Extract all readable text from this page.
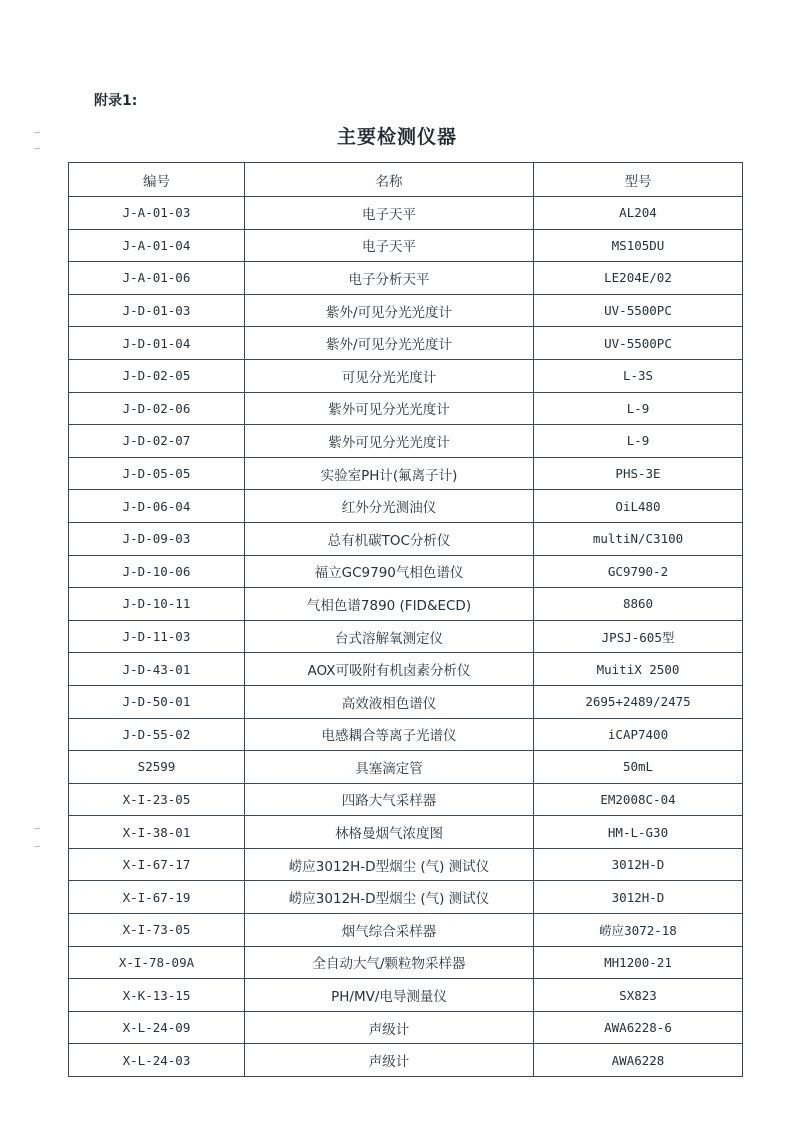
附录1:
主要检测仪器
编号	名称	型号
J-A-01-03	电子天平	AL204
J-A-01-04	电子天平	MS105DU
J-A-01-06	电子分析天平	LE204E/02
J-D-01-03	紫外/可见分光光度计	UV-5500PC
J-D-01-04	紫外/可见分光光度计	UV-5500PC
J-D-02-05	可见分光光度计	L-3S
J-D-02-06	紫外可见分光光度计	L-9
J-D-02-07	紫外可见分光光度计	L-9
J-D-05-05	实验室PH计(氟离子计)	PHS-3E
J-D-06-04	红外分光测油仪	OiL480
J-D-09-03	总有机碳TOC分析仪	multiN/C3100
J-D-10-06	福立GC9790气相色谱仪	GC9790-2
J-D-10-11	气相色谱7890 (FID&ECD)	8860
J-D-11-03	台式溶解氧测定仪	JPSJ-605型
J-D-43-01	AOX可吸附有机卤素分析仪	MuitiX 2500
J-D-50-01	高效液相色谱仪	2695+2489/2475
J-D-55-02	电感耦合等离子光谱仪	iCAP7400
S2599	具塞滴定管	50mL
X-I-23-05	四路大气采样器	EM2008C-04
X-I-38-01	林格曼烟气浓度图	HM-L-G30
X-I-67-17	崂应3012H-D型烟尘 (气) 测试仪	3012H-D
X-I-67-19	崂应3012H-D型烟尘 (气) 测试仪	3012H-D
X-I-73-05	烟气综合采样器	崂应3072-18
X-I-78-09A	全自动大气/颗粒物采样器	MH1200-21
X-K-13-15	PH/MV/电导测量仪	SX823
X-L-24-09	声级计	AWA6228-6
X-L-24-03	声级计	AWA6228
